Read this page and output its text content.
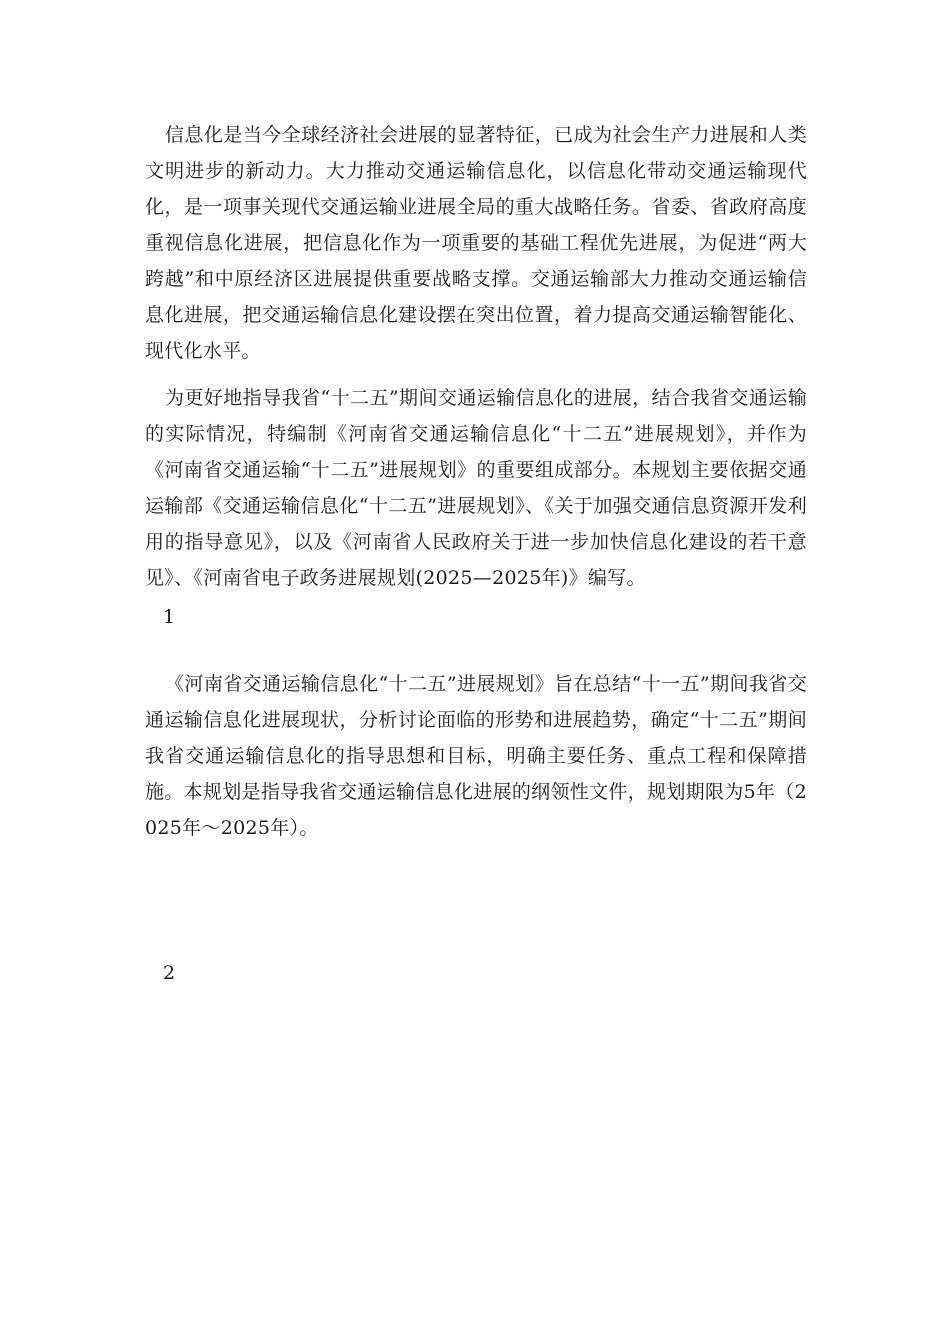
信息化是当今全球经济社会进展的显著特征，已成为社会生产力进展和人类文明进步的新动力。大力推动交通运输信息化，以信息化带动交通运输现代化，是一项事关现代交通运输业进展全局的重大战略任务。省委、省政府高度重视信息化进展，把信息化作为一项重要的基础工程优先进展，为促进“两大跨越”和中原经济区进展提供重要战略支撑。交通运输部大力推动交通运输信息化进展，把交通运输信息化建设摆在突出位置，着力提高交通运输智能化、现代化水平。

为更好地指导我省“十二五”期间交通运输信息化的进展，结合我省交通运输的实际情况，特编制《河南省交通运输信息化“十二五”进展规划》，并作为《河南省交通运输“十二五”进展规划》的重要组成部分。本规划主要依据交通运输部《交通运输信息化“十二五”进展规划》、《关于加强交通信息资源开发利用的指导意见》，以及《河南省人民政府关于进一步加快信息化建设的若干意见》、《河南省电子政务进展规划(2025—2025年)》编写。

1

《河南省交通运输信息化“十二五”进展规划》旨在总结“十一五”期间我省交通运输信息化进展现状，分析讨论面临的形势和进展趋势，确定“十二五”期间我省交通运输信息化的指导思想和目标，明确主要任务、重点工程和保障措施。本规划是指导我省交通运输信息化进展的纲领性文件，规划期限为5年（2025年～2025年）。

2
